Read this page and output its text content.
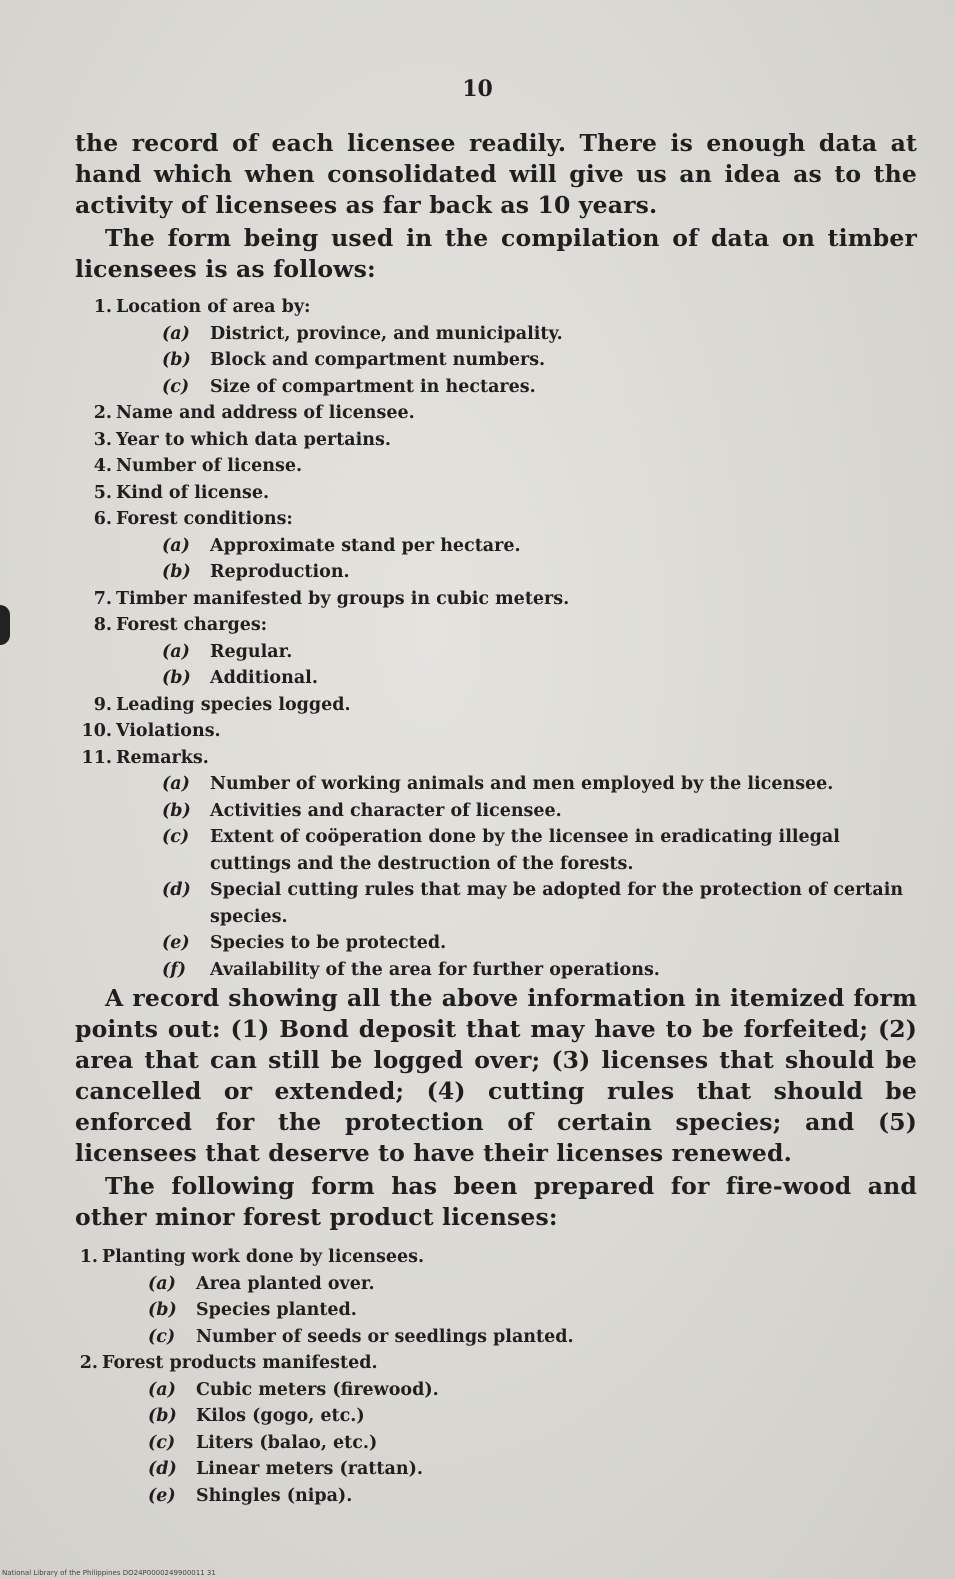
10

the record of each licensee readily. There is enough data at hand which when consolidated will give us an idea as to the activity of licensees as far back as 10 years.

The form being used in the compilation of data on timber licensees is as follows:

1. Location of area by:
(a) District, province, and municipality.
(b) Block and compartment numbers.
(c) Size of compartment in hectares.
2. Name and address of licensee.
3. Year to which data pertains.
4. Number of license.
5. Kind of license.
6. Forest conditions:
(a) Approximate stand per hectare.
(b) Reproduction.
7. Timber manifested by groups in cubic meters.
8. Forest charges:
(a) Regular.
(b) Additional.
9. Leading species logged.
10. Violations.
11. Remarks.
(a) Number of working animals and men employed by the licensee.
(b) Activities and character of licensee.
(c) Extent of coöperation done by the licensee in eradicating illegal cuttings and the destruction of the forests.
(d) Special cutting rules that may be adopted for the protection of certain species.
(e) Species to be protected.
(f) Availability of the area for further operations.

A record showing all the above information in itemized form points out: (1) Bond deposit that may have to be forfeited; (2) area that can still be logged over; (3) licenses that should be cancelled or extended; (4) cutting rules that should be enforced for the protection of certain species; and (5) licensees that deserve to have their licenses renewed.

The following form has been prepared for fire-wood and other minor forest product licenses:

1. Planting work done by licensees.
(a) Area planted over.
(b) Species planted.
(c) Number of seeds or seedlings planted.
2. Forest products manifested.
(a) Cubic meters (firewood).
(b) Kilos (gogo, etc.)
(c) Liters (balao, etc.)
(d) Linear meters (rattan).
(e) Shingles (nipa).
National Library of the Philippines DO24P0000249900011 31
